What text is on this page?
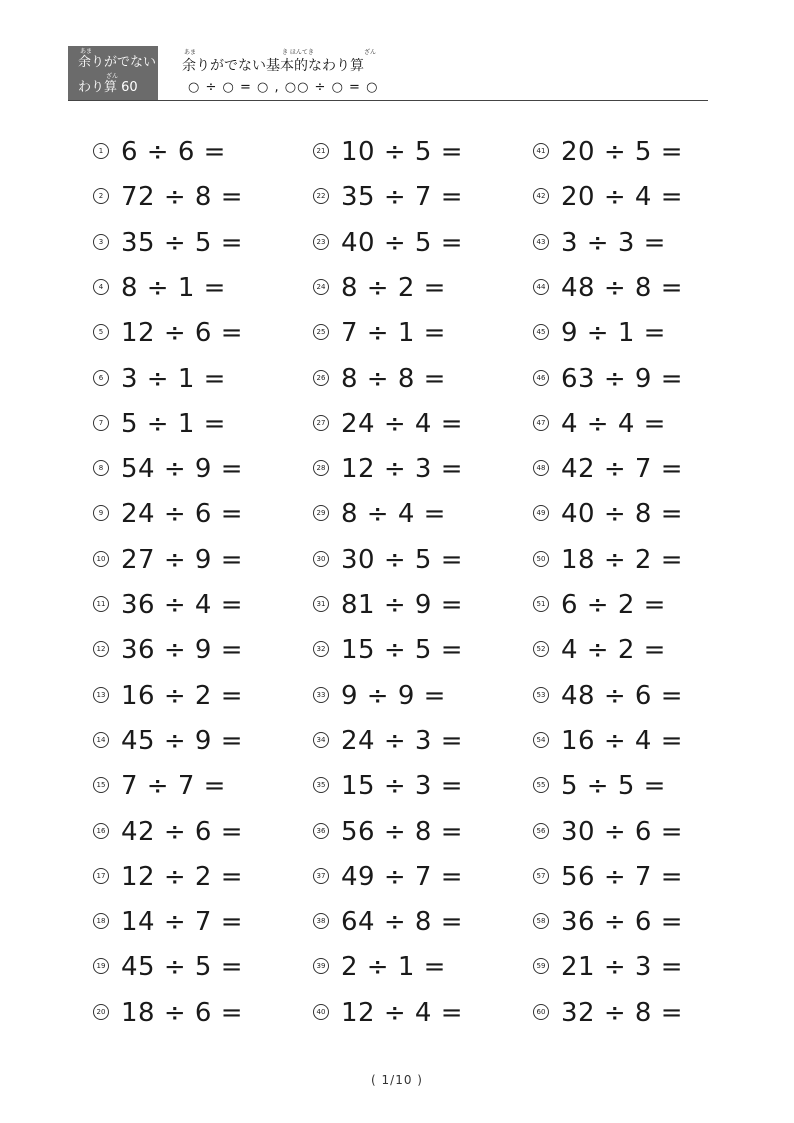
あま
余りがでない
ざん
わり算 60
あま	き ほんてき	ざん
余りがでない基本的なわり算
○ ÷ ○ = ○ , ○○ ÷ ○ = ○
1 6 ÷ 6 =
2 72 ÷ 8 =
3 35 ÷ 5 =
4 8 ÷ 1 =
5 12 ÷ 6 =
6 3 ÷ 1 =
7 5 ÷ 1 =
8 54 ÷ 9 =
9 24 ÷ 6 =
10 27 ÷ 9 =
11 36 ÷ 4 =
12 36 ÷ 9 =
13 16 ÷ 2 =
14 45 ÷ 9 =
15 7 ÷ 7 =
16 42 ÷ 6 =
17 12 ÷ 2 =
18 14 ÷ 7 =
19 45 ÷ 5 =
20 18 ÷ 6 =
21 10 ÷ 5 =
22 35 ÷ 7 =
23 40 ÷ 5 =
24 8 ÷ 2 =
25 7 ÷ 1 =
26 8 ÷ 8 =
27 24 ÷ 4 =
28 12 ÷ 3 =
29 8 ÷ 4 =
30 30 ÷ 5 =
31 81 ÷ 9 =
32 15 ÷ 5 =
33 9 ÷ 9 =
34 24 ÷ 3 =
35 15 ÷ 3 =
36 56 ÷ 8 =
37 49 ÷ 7 =
38 64 ÷ 8 =
39 2 ÷ 1 =
40 12 ÷ 4 =
41 20 ÷ 5 =
42 20 ÷ 4 =
43 3 ÷ 3 =
44 48 ÷ 8 =
45 9 ÷ 1 =
46 63 ÷ 9 =
47 4 ÷ 4 =
48 42 ÷ 7 =
49 40 ÷ 8 =
50 18 ÷ 2 =
51 6 ÷ 2 =
52 4 ÷ 2 =
53 48 ÷ 6 =
54 16 ÷ 4 =
55 5 ÷ 5 =
56 30 ÷ 6 =
57 56 ÷ 7 =
58 36 ÷ 6 =
59 21 ÷ 3 =
60 32 ÷ 8 =
( 1/10 )
